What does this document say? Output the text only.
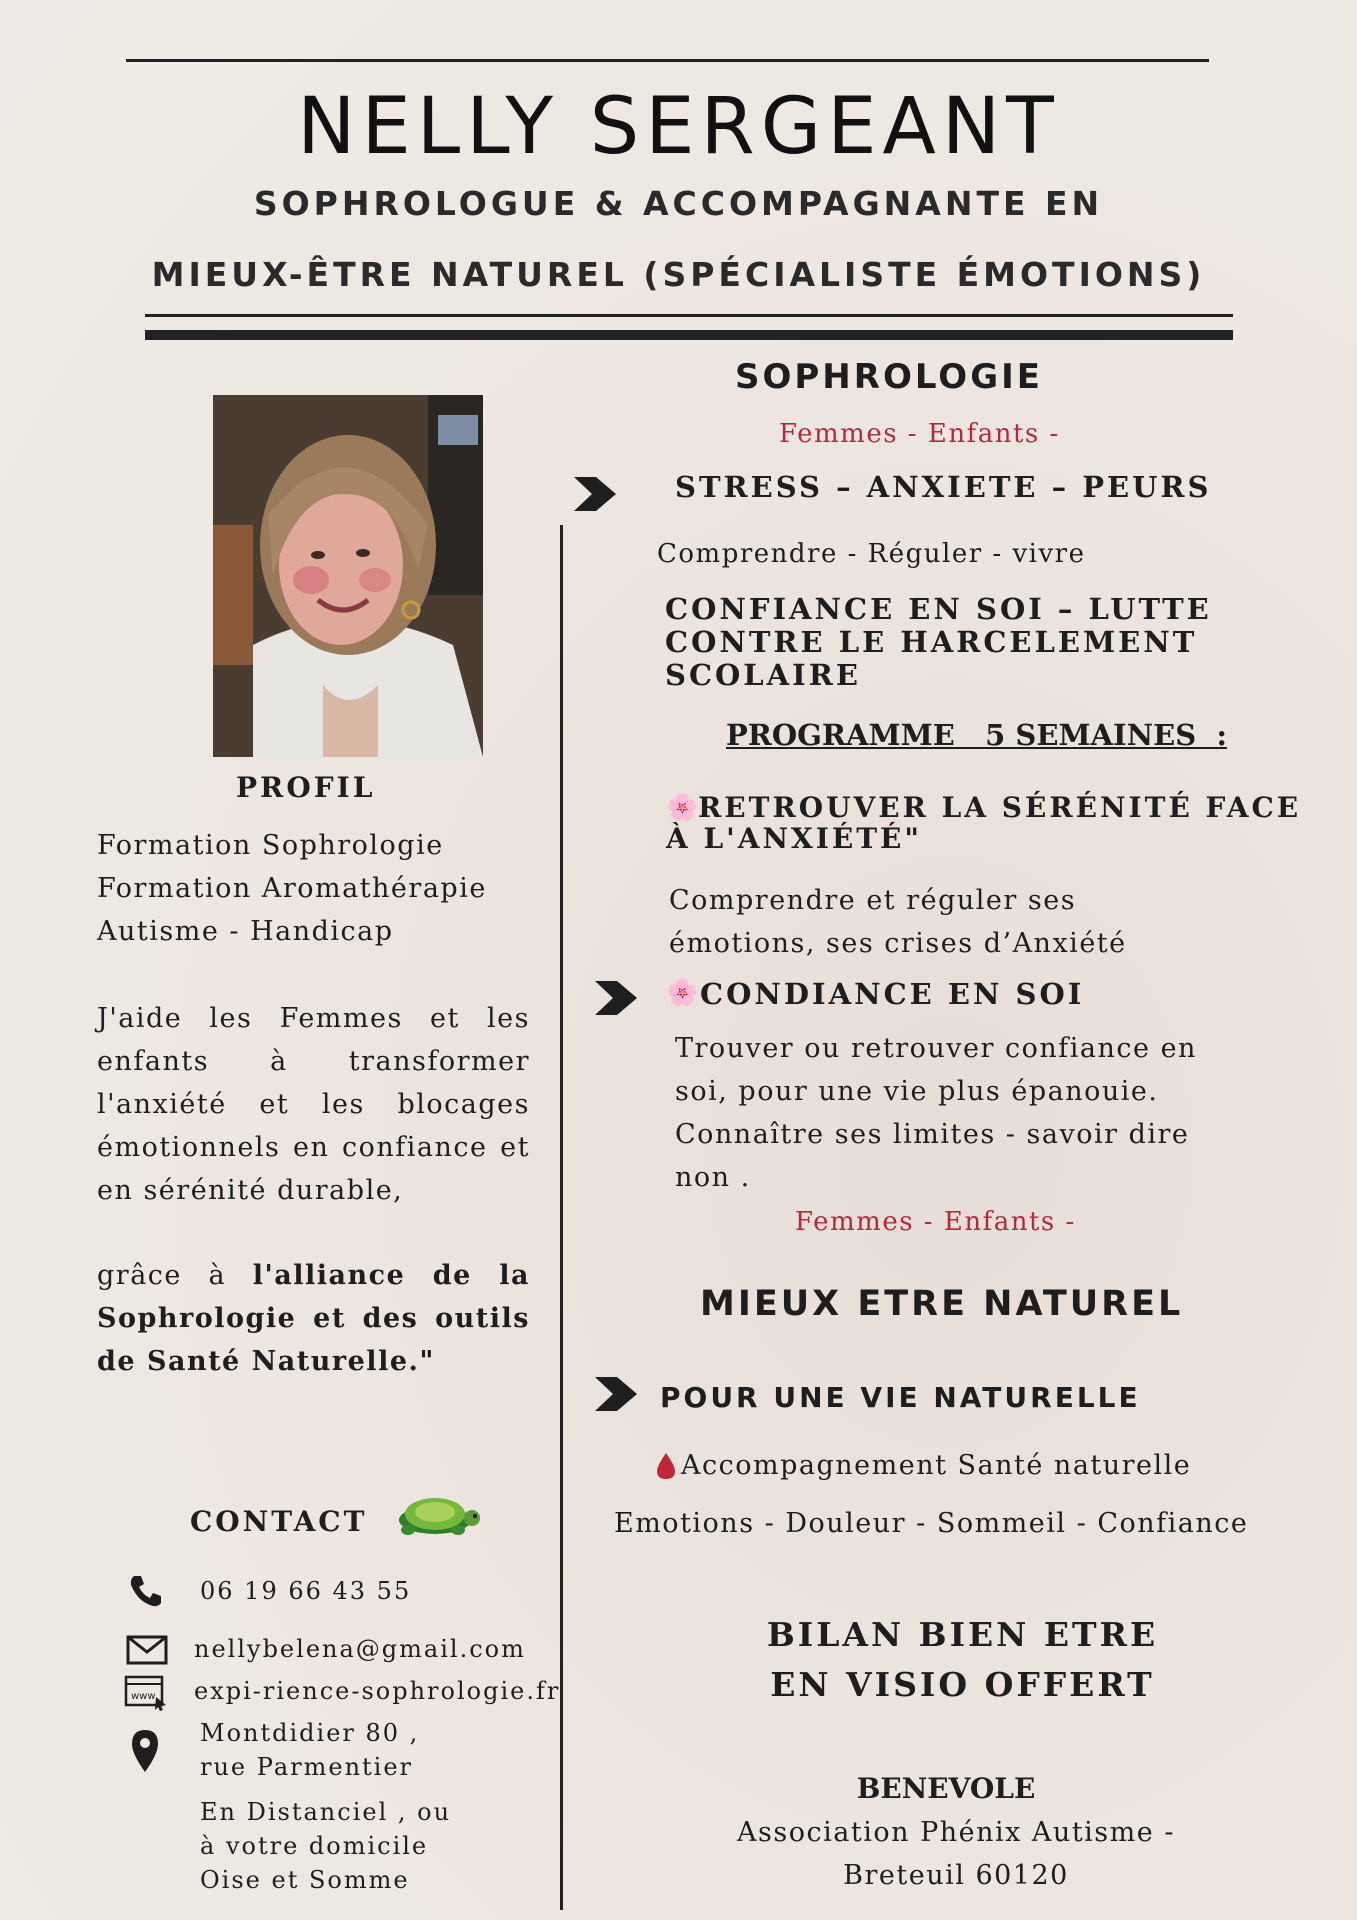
NELLY SERGEANT
SOPHROLOGUE & ACCOMPAGNANTE EN
MIEUX-ÊTRE NATUREL (SPÉCIALISTE ÉMOTIONS)
PROFIL
Formation Sophrologie
Formation Aromathérapie
Autisme - Handicap
J'aide les Femmes et les enfants à transformer l'anxiété et les blocages émotionnels en confiance et en sérénité durable,
grâce à l'alliance de la Sophrologie et des outils de Santé Naturelle."
CONTACT
06 19 66 43 55
nellybelena@gmail.com
www expi-rience-sophrologie.fr
Montdidier 80 ,
rue Parmentier
En Distanciel , ou
à votre domicile
Oise et Somme
SOPHROLOGIE
Femmes - Enfants -
STRESS – ANXIETE – PEURS
Comprendre - Réguler - vivre
CONFIANCE EN SOI – LUTTE
CONTRE LE HARCELEMENT
SCOLAIRE
PROGRAMME   5 SEMAINES  :
🌸 RETROUVER LA SÉRÉNITÉ FACE
À L'ANXIÉTÉ"
Comprendre et réguler ses
émotions, ses crises d’Anxiété
🌸 CONDIANCE EN SOI
Trouver ou retrouver confiance en
soi, pour une vie plus épanouie.
Connaître ses limites - savoir dire
non .
Femmes - Enfants -
MIEUX ETRE NATUREL
POUR UNE VIE NATURELLE
Accompagnement Santé naturelle
Emotions - Douleur - Sommeil - Confiance
BILAN BIEN ETRE
EN VISIO OFFERT
BENEVOLE
Association Phénix Autisme -
Breteuil 60120
